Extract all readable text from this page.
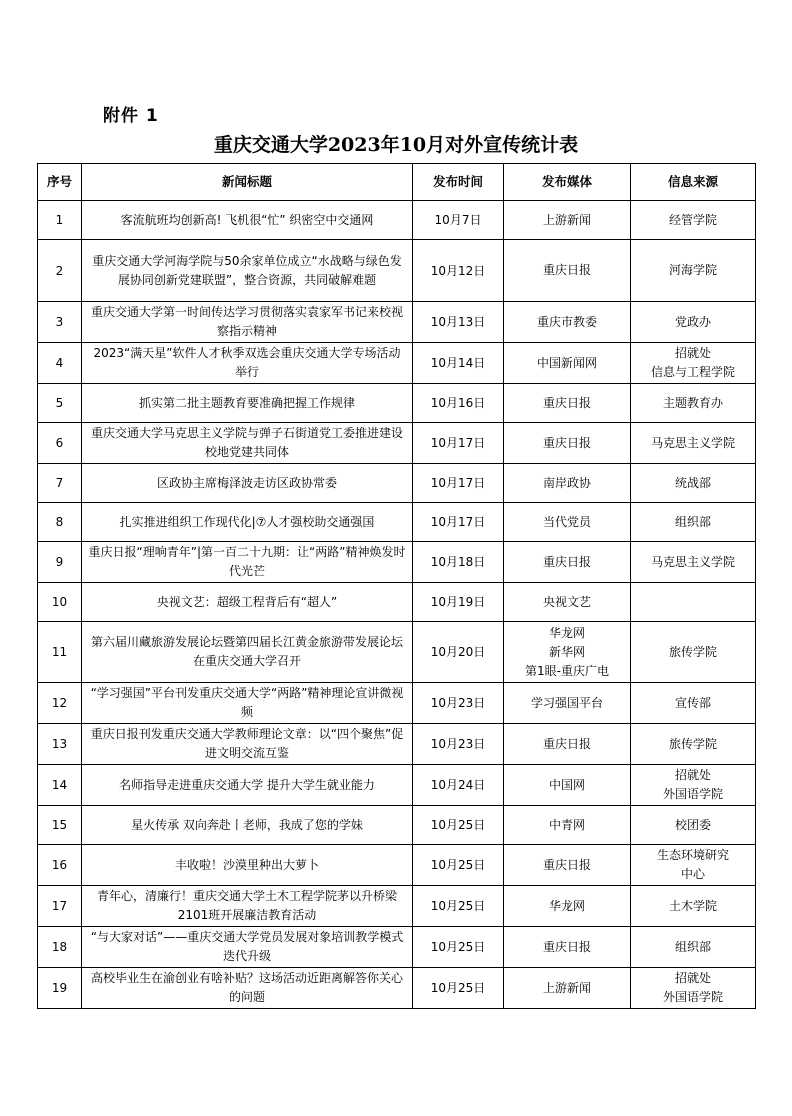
附件 1
重庆交通大学2023年10月对外宣传统计表
序号	新闻标题	发布时间	发布媒体	信息来源
1	客流航班均创新高! 飞机很“忙” 织密空中交通网	10月7日	上游新闻	经管学院

2	重庆交通大学河海学院与50余家单位成立“水战略与绿色发展协同创新党建联盟”，整合资源，共同破解难题	10月12日	重庆日报	河海学院

3	重庆交通大学第一时间传达学习贯彻落实袁家军书记来校视察指示精神	10月13日	重庆市教委	党政办

4	2023“满天星”软件人才秋季双选会重庆交通大学专场活动举行	10月14日	中国新闻网	招就处
信息与工程学院

5	抓实第二批主题教育要准确把握工作规律	10月16日	重庆日报	主题教育办

6	重庆交通大学马克思主义学院与弹子石街道党工委推进建设校地党建共同体	10月17日	重庆日报	马克思主义学院

7	区政协主席梅泽波走访区政协常委	10月17日	南岸政协	统战部

8	扎实推进组织工作现代化|⑦人才强校助交通强国	10月17日	当代党员	组织部

9	重庆日报“理响青年”|第一百二十九期：让“两路”精神焕发时代光芒	10月18日	重庆日报	马克思主义学院

10	央视文艺：超级工程背后有“超人”	10月19日	央视文艺	

11	第六届川藏旅游发展论坛暨第四届长江黄金旅游带发展论坛在重庆交通大学召开	10月20日	华龙网
新华网
第1眼-重庆广电	旅传学院

12	“学习强国”平台刊发重庆交通大学“两路”精神理论宣讲微视频	10月23日	学习强国平台	宣传部

13	重庆日报刊发重庆交通大学教师理论文章：以“四个聚焦”促进文明交流互鉴	10月23日	重庆日报	旅传学院

14	名师指导走进重庆交通大学 提升大学生就业能力	10月24日	中国网	招就处
外国语学院

15	星火传承 双向奔赴丨老师，我成了您的学妹	10月25日	中青网	校团委

16	丰收啦！沙漠里种出大萝卜	10月25日	重庆日报	生态环境研究
中心

17	青年心，清廉行！重庆交通大学土木工程学院茅以升桥梁2101班开展廉洁教育活动	10月25日	华龙网	土木学院

18	“与大家对话”——重庆交通大学党员发展对象培训教学模式迭代升级	10月25日	重庆日报	组织部

19	高校毕业生在渝创业有啥补贴？这场活动近距离解答你关心的问题	10月25日	上游新闻	招就处
外国语学院
